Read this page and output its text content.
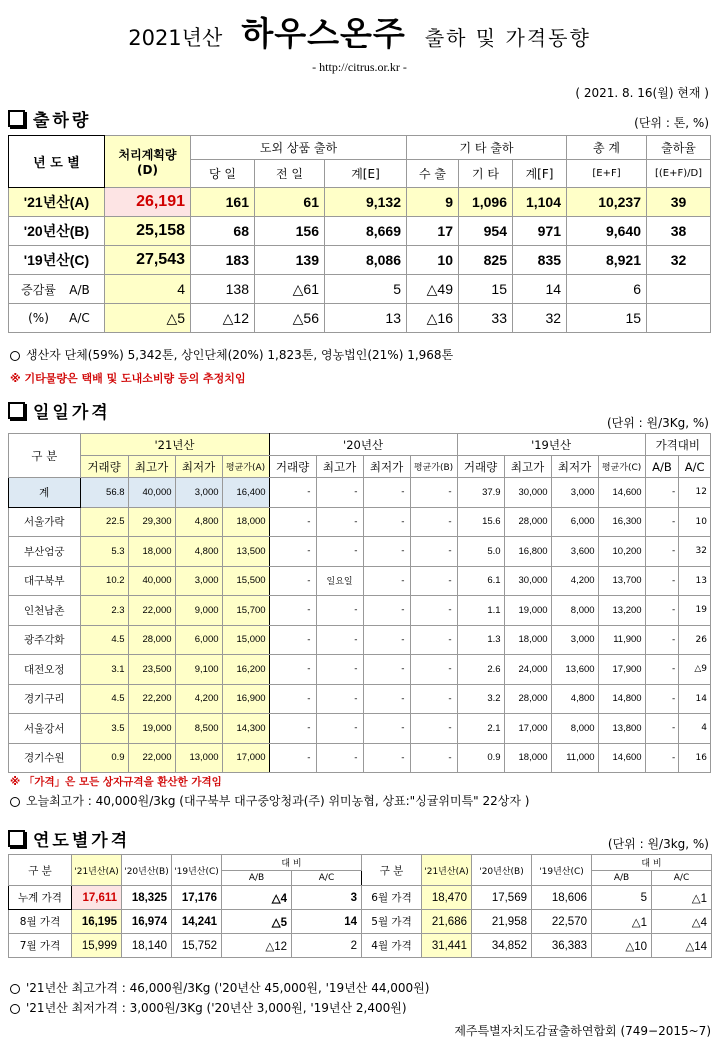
2021년산 하우스온주 출하 및 가격동향
- http://citrus.or.kr -
( 2021. 8. 16(월) 현재 )
출하량	(단위 : 톤, %)
년 도 별	처리계획량
(D)	도외 상품 출하			기 타 출하			총 계	출하율
		당 일	전 일	계[E]	수 출	기 타	계[F]	[E+F]	[(E+F)/D]
'21년산(A)	26,191	161	61	9,132	9	1,096	1,104	10,237	39
'20년산(B)	25,158	68	156	8,669	17	954	971	9,640	38
'19년산(C)	27,543	183	139	8,086	10	825	835	8,921	32
증감률 A/B	4	138	△61	5	△49	15	14	6	
(%) A/C	△5	△12	△56	13	△16	33	32	15	
생산자 단체(59%) 5,342톤, 상인단체(20%) 1,823톤, 영농법인(21%) 1,968톤
※ 기타물량은 택배 및 도내소비량 등의 추정치임
일일가격	(단위 : 원/3Kg, %)
구 분	'21년산				'20년산				'19년산				가격대비	
	거래량	최고가	최저가	평균가(A)	거래량	최고가	최저가	평균가(B)	거래량	최고가	최저가	평균가(C)	A/B	A/C
계	56.8	40,000	3,000	16,400	-	-	-	-	37.9	30,000	3,000	14,600	-	12
서울가락	22.5	29,300	4,800	18,000	-	-	-	-	15.6	28,000	6,000	16,300	-	10
부산엄궁	5.3	18,000	4,800	13,500	-	-	-	-	5.0	16,800	3,600	10,200	-	32
대구북부	10.2	40,000	3,000	15,500	-	일요일	-	-	6.1	30,000	4,200	13,700	-	13
인천남촌	2.3	22,000	9,000	15,700	-	-	-	-	1.1	19,000	8,000	13,200	-	19
광주각화	4.5	28,000	6,000	15,000	-	-	-	-	1.3	18,000	3,000	11,900	-	26
대전오정	3.1	23,500	9,100	16,200	-	-	-	-	2.6	24,000	13,600	17,900	-	△9
경기구리	4.5	22,200	4,200	16,900	-	-	-	-	3.2	28,000	4,800	14,800	-	14
서울강서	3.5	19,000	8,500	14,300	-	-	-	-	2.1	17,000	8,000	13,800	-	4
경기수원	0.9	22,000	13,000	17,000	-	-	-	-	0.9	18,000	11,000	14,600	-	16
※ 「가격」은 모든 상자규격을 환산한 가격임
오늘최고가 : 40,000원/3kg (대구북부 대구중앙청과(주) 위미농협, 상표:"싱귤위미특" 22상자 )
연도별가격	(단위 : 원/3kg, %)
구 분	'21년산(A)	'20년산(B)	'19년산(C)	대 비		구 분	'21년산(A)	'20년산(B)	'19년산(C)	대 비	
				A/B	A/C					A/B	A/C
누계 가격	17,611	18,325	17,176	△4	3	6월 가격	18,470	17,569	18,606	5	△1
8월 가격	16,195	16,974	14,241	△5	14	5월 가격	21,686	21,958	22,570	△1	△4
7월 가격	15,999	18,140	15,752	△12	2	4월 가격	31,441	34,852	36,383	△10	△14
'21년산 최고가격 : 46,000원/3Kg ('20년산 45,000원, '19년산 44,000원)
'21년산 최저가격 : 3,000원/3Kg ('20년산 3,000원, '19년산 2,400원)
제주특별자치도감귤출하연합회 (749−2015~7)
